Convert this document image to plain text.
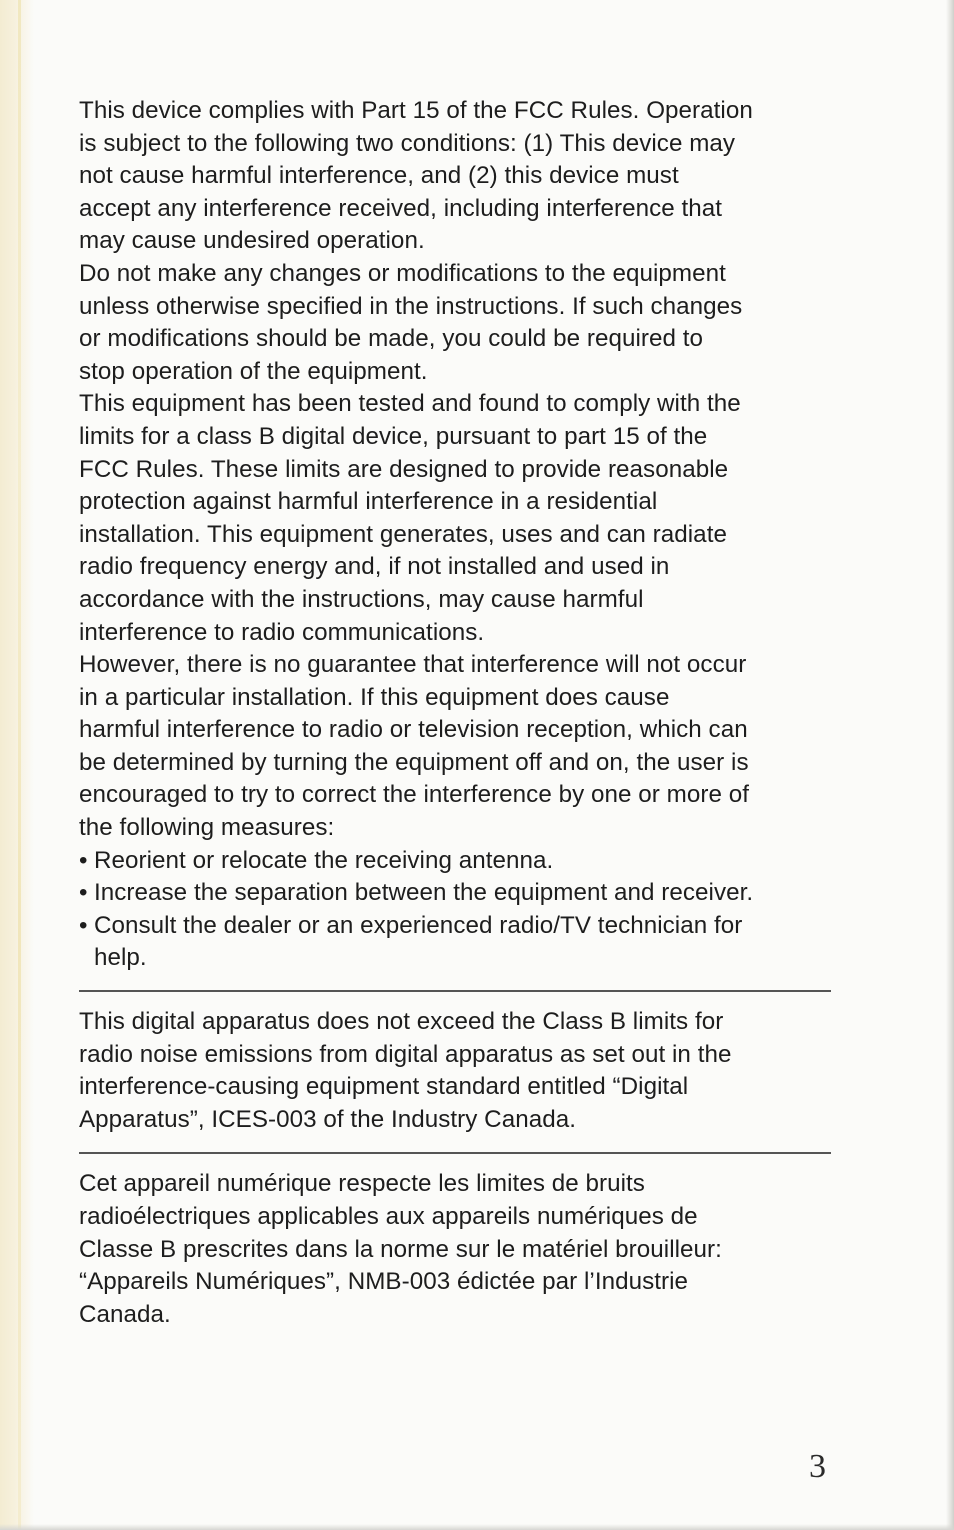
This device complies with Part 15 of the FCC Rules. Operation
is subject to the following two conditions: (1) This device may
not cause harmful interference, and (2) this device must
accept any interference received, including interference that
may cause undesired operation.

Do not make any changes or modifications to the equipment
unless otherwise specified in the instructions. If such changes
or modifications should be made, you could be required to
stop operation of the equipment.

This equipment has been tested and found to comply with the
limits for a class B digital device, pursuant to part 15 of the
FCC Rules. These limits are designed to provide reasonable
protection against harmful interference in a residential
installation. This equipment generates, uses and can radiate
radio frequency energy and, if not installed and used in
accordance with the instructions, may cause harmful
interference to radio communications.

However, there is no guarantee that interference will not occur
in a particular installation. If this equipment does cause
harmful interference to radio or television reception, which can
be determined by turning the equipment off and on, the user is
encouraged to try to correct the interference by one or more of
the following measures:

• Reorient or relocate the receiving antenna.
• Increase the separation between the equipment and receiver.
• Consult the dealer or an experienced radio/TV technician for
help.

This digital apparatus does not exceed the Class B limits for
radio noise emissions from digital apparatus as set out in the
interference-causing equipment standard entitled “Digital
Apparatus”, ICES-003 of the Industry Canada.

Cet appareil numérique respecte les limites de bruits
radioélectriques applicables aux appareils numériques de
Classe B prescrites dans la norme sur le matériel brouilleur:
“Appareils Numériques”, NMB-003 édictée par l’Industrie
Canada.

3
